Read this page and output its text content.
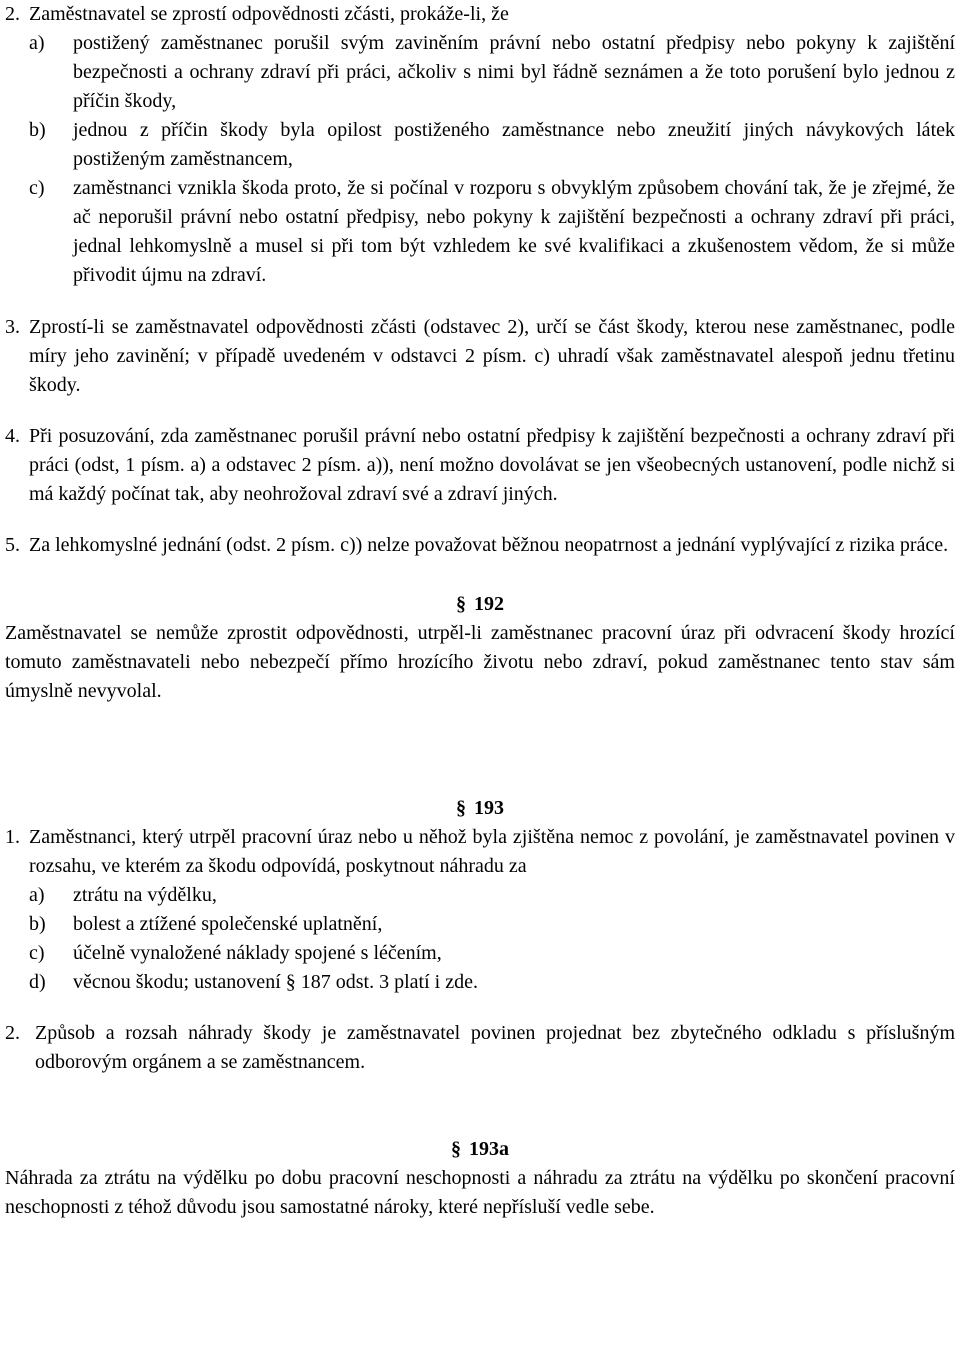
2. Zaměstnavatel se zprostí odpovědnosti zčásti, prokáže-li, že

a)	postižený zaměstnanec porušil svým zaviněním právní nebo ostatní předpisy nebo pokyny k zajištění bezpečnosti a ochrany zdraví při práci, ačkoliv s nimi byl řádně seznámen a že toto porušení bylo jednou z příčin škody,
b)	jednou z příčin škody byla opilost postiženého zaměstnance nebo zneužití jiných návykových látek postiženým zaměstnancem,
c)	zaměstnanci vznikla škoda proto, že si počínal v rozporu s obvyklým způsobem chování tak, že je zřejmé, že ač neporušil právní nebo ostatní předpisy, nebo pokyny k zajištění bezpečnosti a ochrany zdraví při práci, jednal lehkomyslně a musel si při tom být vzhledem ke své kvalifikaci a zkušenostem vědom, že si může přivodit újmu na zdraví.
3. Zprostí-li se zaměstnavatel odpovědnosti zčásti (odstavec 2), určí se část škody, kterou nese zaměstnanec, podle míry jeho zavinění; v případě uvedeném v odstavci 2 písm. c) uhradí však zaměstnavatel alespoň jednu třetinu škody.

4. Při posuzování, zda zaměstnanec porušil právní nebo ostatní předpisy k zajištění bezpečnosti a ochrany zdraví při práci (odst, 1 písm. a) a odstavec 2 písm. a)), není možno dovolávat se jen všeobecných ustanovení, podle nichž si má každý počínat tak, aby neohrožoval zdraví své a zdraví jiných.

5. Za lehkomyslné jednání (odst. 2 písm. c)) nelze považovat běžnou neopatrnost a jednání vyplývající z rizika práce.

§ 192

Zaměstnavatel se nemůže zprostit odpovědnosti, utrpěl-li zaměstnanec pracovní úraz při odvracení škody hrozící tomuto zaměstnavateli nebo nebezpečí přímo hrozícího životu nebo zdraví, pokud zaměstnanec tento stav sám úmyslně nevyvolal.

§ 193
1. Zaměstnanci, který utrpěl pracovní úraz nebo u něhož byla zjištěna nemoc z povolání, je zaměstnavatel povinen v rozsahu, ve kterém za škodu odpovídá, poskytnout náhradu za

a)	ztrátu na výdělku,
b)	bolest a ztížené společenské uplatnění,
c)	účelně vynaložené náklady spojené s léčením,
d)	věcnou škodu; ustanovení § 187 odst. 3 platí i zde.
2. Způsob a rozsah náhrady škody je zaměstnavatel povinen projednat bez zbytečného odkladu s příslušným odborovým orgánem a se zaměstnancem.

§ 193a

Náhrada za ztrátu na výdělku po dobu pracovní neschopnosti a náhradu za ztrátu na výdělku po skončení pracovní neschopnosti z téhož důvodu jsou samostatné nároky, které nepřísluší vedle sebe.
